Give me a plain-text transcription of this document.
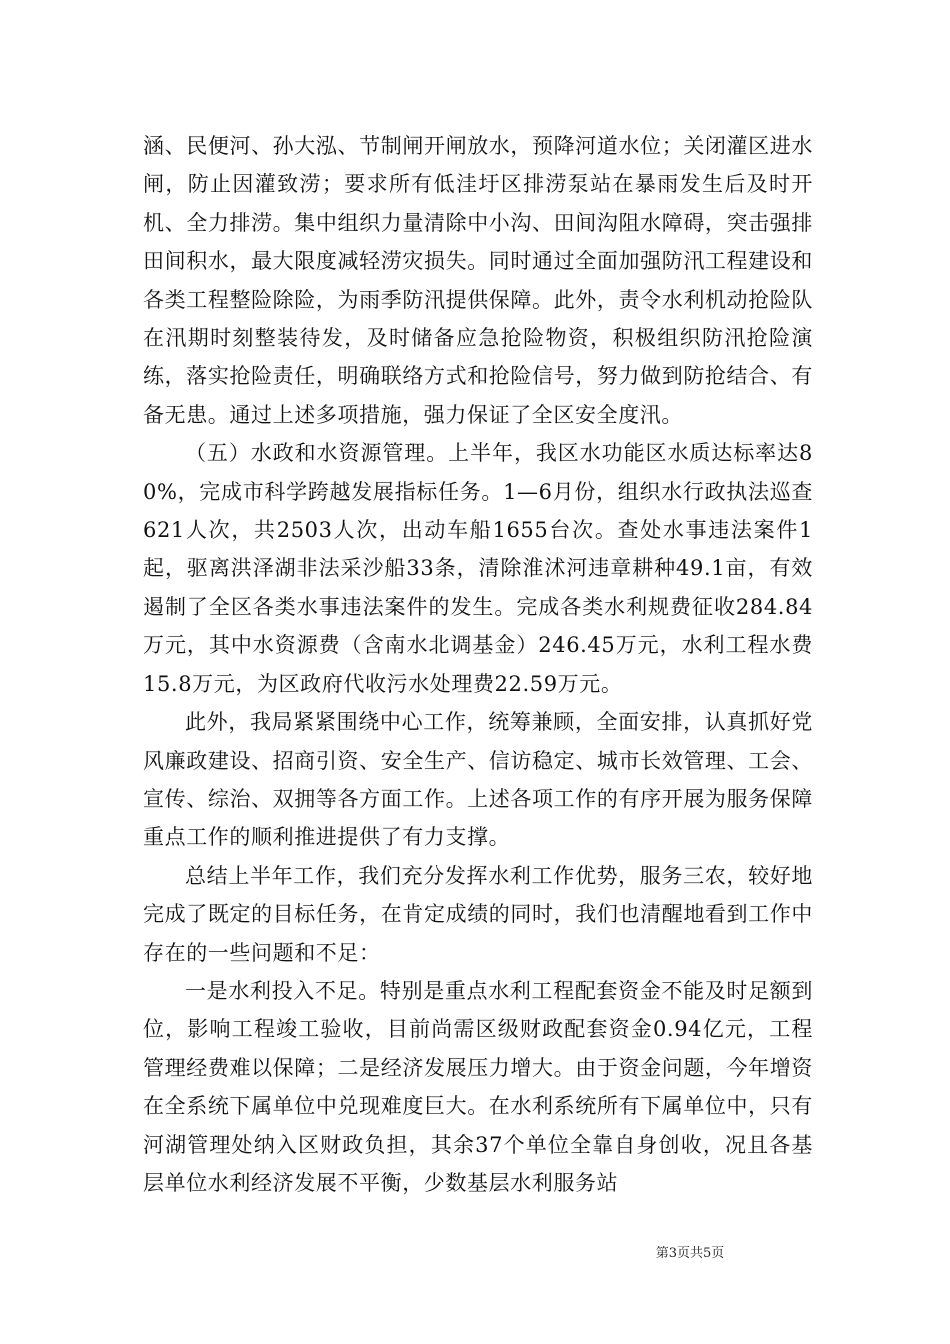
涵、民便河、孙大泓、节制闸开闸放水，预降河道水位；关闭灌区进水闸，防止因灌致涝；要求所有低洼圩区排涝泵站在暴雨发生后及时开机、全力排涝。集中组织力量清除中小沟、田间沟阻水障碍，突击强排田间积水，最大限度减轻涝灾损失。同时通过全面加强防汛工程建设和各类工程整险除险，为雨季防汛提供保障。此外，责令水利机动抢险队在汛期时刻整装待发，及时储备应急抢险物资，积极组织防汛抢险演练，落实抢险责任，明确联络方式和抢险信号，努力做到防抢结合、有备无患。通过上述多项措施，强力保证了全区安全度汛。

（五）水政和水资源管理。上半年，我区水功能区水质达标率达80%，完成市科学跨越发展指标任务。1—6月份，组织水行政执法巡查621人次，共2503人次，出动车船1655台次。查处水事违法案件1起，驱离洪泽湖非法采沙船33条，清除淮沭河违章耕种49.1亩，有效遏制了全区各类水事违法案件的发生。完成各类水利规费征收284.84万元，其中水资源费（含南水北调基金）246.45万元，水利工程水费15.8万元，为区政府代收污水处理费22.59万元。

此外，我局紧紧围绕中心工作，统筹兼顾，全面安排，认真抓好党风廉政建设、招商引资、安全生产、信访稳定、城市长效管理、工会、宣传、综治、双拥等各方面工作。上述各项工作的有序开展为服务保障重点工作的顺利推进提供了有力支撑。

总结上半年工作，我们充分发挥水利工作优势，服务三农，较好地完成了既定的目标任务，在肯定成绩的同时，我们也清醒地看到工作中存在的一些问题和不足：

一是水利投入不足。特别是重点水利工程配套资金不能及时足额到位，影响工程竣工验收，目前尚需区级财政配套资金0.94亿元，工程管理经费难以保障；二是经济发展压力增大。由于资金问题，今年增资在全系统下属单位中兑现难度巨大。在水利系统所有下属单位中，只有河湖管理处纳入区财政负担，其余37个单位全靠自身创收，况且各基层单位水利经济发展不平衡，少数基层水利服务站

第3页共5页
